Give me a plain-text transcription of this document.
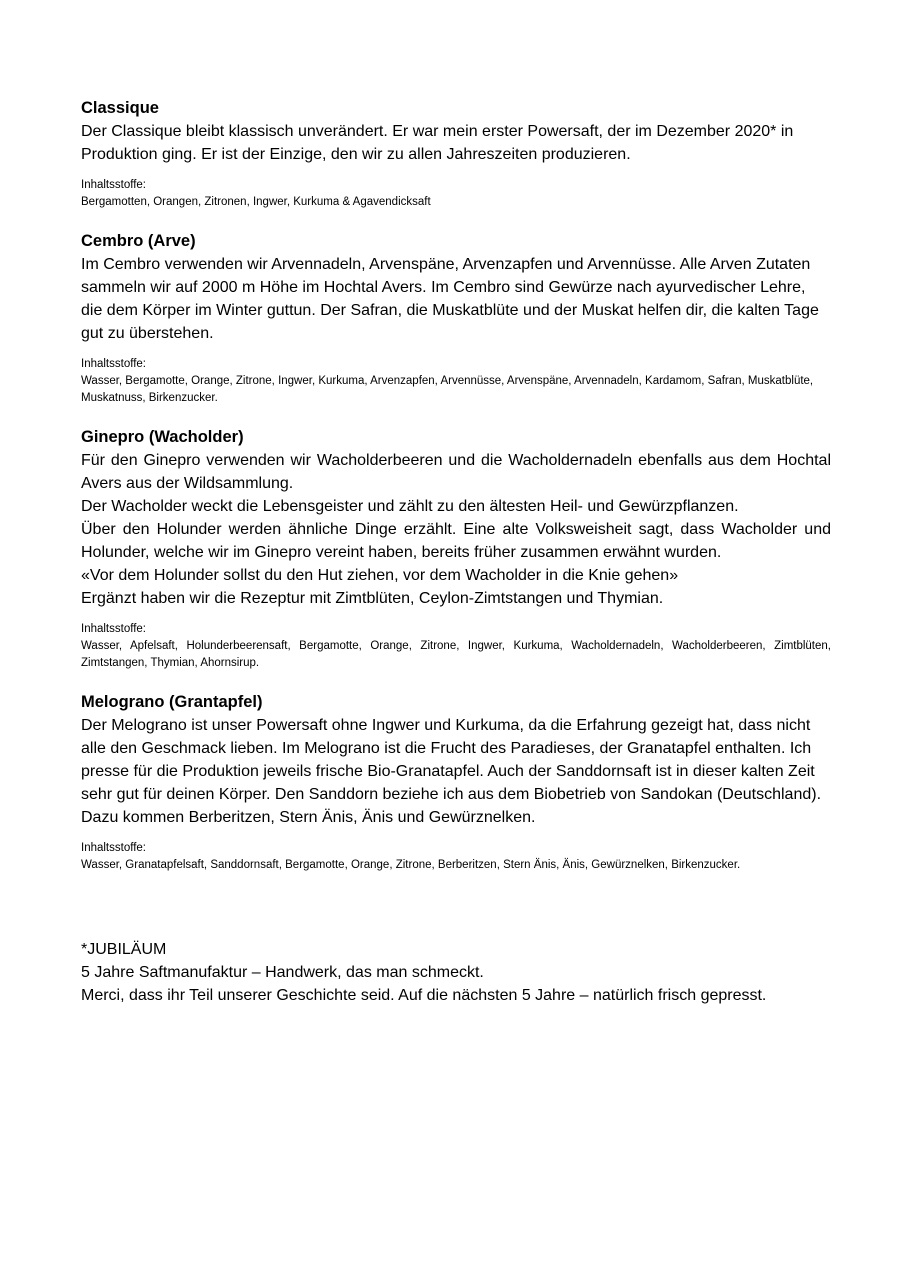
Classique

Der Classique bleibt klassisch unverändert. Er war mein erster Powersaft, der im Dezember 2020* in Produktion ging. Er ist der Einzige, den wir zu allen Jahreszeiten produzieren.

Inhaltsstoffe:

Bergamotten, Orangen, Zitronen, Ingwer, Kurkuma & Agavendicksaft

Cembro (Arve)

Im Cembro verwenden wir Arvennadeln, Arvenspäne, Arvenzapfen und Arvennüsse. Alle Arven Zutaten sammeln wir auf 2000 m Höhe im Hochtal Avers. Im Cembro sind Gewürze nach ayurvedischer Lehre, die dem Körper im Winter guttun. Der Safran, die Muskatblüte und der Muskat helfen dir, die kalten Tage gut zu überstehen.

Inhaltsstoffe:

Wasser, Bergamotte, Orange, Zitrone, Ingwer, Kurkuma, Arvenzapfen, Arvennüsse, Arvenspäne, Arvennadeln, Kardamom, Safran, Muskatblüte, Muskatnuss, Birkenzucker.

Ginepro (Wacholder)

Für den Ginepro verwenden wir Wacholderbeeren und die Wacholdernadeln ebenfalls aus dem Hochtal Avers aus der Wildsammlung.
Der Wacholder weckt die Lebensgeister und zählt zu den ältesten Heil- und Gewürzpflanzen.
Über den Holunder werden ähnliche Dinge erzählt. Eine alte Volksweisheit sagt, dass Wacholder und Holunder, welche wir im Ginepro vereint haben, bereits früher zusammen erwähnt wurden.
«Vor dem Holunder sollst du den Hut ziehen, vor dem Wacholder in die Knie gehen»
Ergänzt haben wir die Rezeptur mit Zimtblüten, Ceylon-Zimtstangen und Thymian.

Inhaltsstoffe:

Wasser, Apfelsaft, Holunderbeerensaft, Bergamotte, Orange, Zitrone, Ingwer, Kurkuma, Wacholdernadeln, Wacholderbeeren, Zimtblüten, Zimtstangen, Thymian, Ahornsirup.

Melograno (Grantapfel)

Der Melograno ist unser Powersaft ohne Ingwer und Kurkuma, da die Erfahrung gezeigt hat, dass nicht alle den Geschmack lieben. Im Melograno ist die Frucht des Paradieses, der Granatapfel enthalten. Ich presse für die Produktion jeweils frische Bio-Granatapfel. Auch der Sanddornsaft ist in dieser kalten Zeit sehr gut für deinen Körper. Den Sanddorn beziehe ich aus dem Biobetrieb von Sandokan (Deutschland). Dazu kommen Berberitzen, Stern Änis, Änis und Gewürznelken.

Inhaltsstoffe:

Wasser, Granatapfelsaft, Sanddornsaft, Bergamotte, Orange, Zitrone, Berberitzen, Stern Änis, Änis, Gewürznelken, Birkenzucker.

*JUBILÄUM

5 Jahre Saftmanufaktur – Handwerk, das man schmeckt.

Merci, dass ihr Teil unserer Geschichte seid. Auf die nächsten 5 Jahre – natürlich frisch gepresst.
